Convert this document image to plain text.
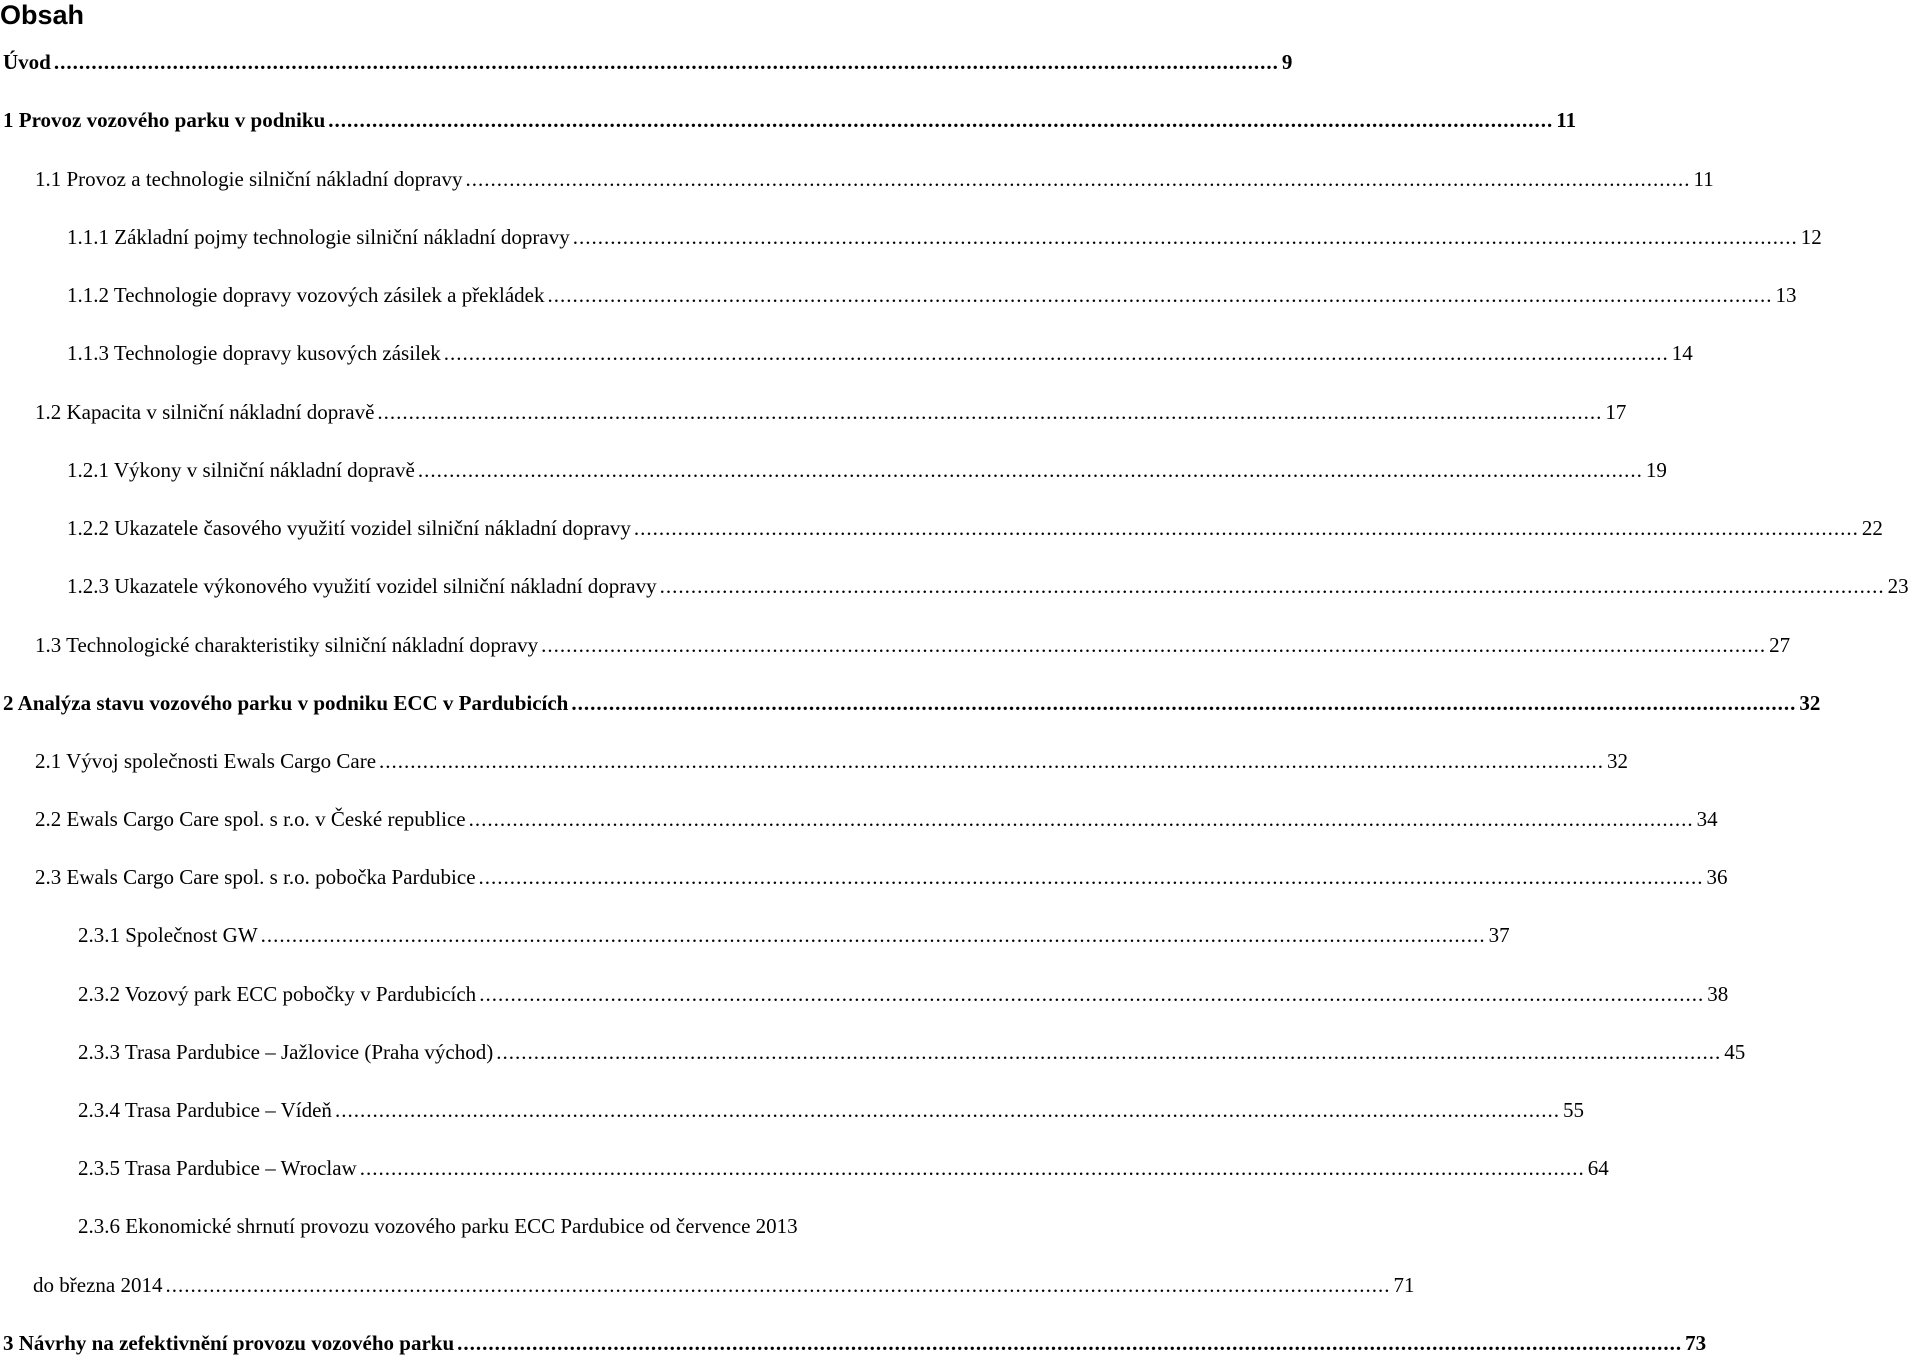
Obsah
Úvod .................................................................................................................................................................................................... 9
1 Provoz vozového parku v podniku .................................................................................................................................................................................................... 11
1.1 Provoz a technologie silniční nákladní dopravy .................................................................................................................................................................................................... 11
1.1.1 Základní pojmy technologie silniční nákladní dopravy .................................................................................................................................................................................................... 12
1.1.2 Technologie dopravy vozových zásilek a překládek .................................................................................................................................................................................................... 13
1.1.3 Technologie dopravy kusových zásilek .................................................................................................................................................................................................... 14
1.2 Kapacita v silniční nákladní dopravě .................................................................................................................................................................................................... 17
1.2.1 Výkony v silniční nákladní dopravě .................................................................................................................................................................................................... 19
1.2.2 Ukazatele časového využití vozidel silniční nákladní dopravy .................................................................................................................................................................................................... 22
1.2.3 Ukazatele výkonového využití vozidel silniční nákladní dopravy .................................................................................................................................................................................................... 23
1.3 Technologické charakteristiky silniční nákladní dopravy .................................................................................................................................................................................................... 27
2 Analýza stavu vozového parku v podniku ECC v Pardubicích .................................................................................................................................................................................................... 32
2.1 Vývoj společnosti Ewals Cargo Care .................................................................................................................................................................................................... 32
2.2 Ewals Cargo Care spol. s r.o. v České republice .................................................................................................................................................................................................... 34
2.3 Ewals Cargo Care spol. s r.o. pobočka Pardubice .................................................................................................................................................................................................... 36
2.3.1 Společnost GW .................................................................................................................................................................................................... 37
2.3.2 Vozový park ECC pobočky v Pardubicích .................................................................................................................................................................................................... 38
2.3.3 Trasa Pardubice – Jažlovice (Praha východ) .................................................................................................................................................................................................... 45
2.3.4 Trasa Pardubice – Vídeň .................................................................................................................................................................................................... 55
2.3.5 Trasa Pardubice – Wroclaw .................................................................................................................................................................................................... 64
2.3.6 Ekonomické shrnutí provozu vozového parku ECC Pardubice od července 2013
do března 2014 .................................................................................................................................................................................................... 71
3 Návrhy na zefektivnění provozu vozového parku .................................................................................................................................................................................................... 73
